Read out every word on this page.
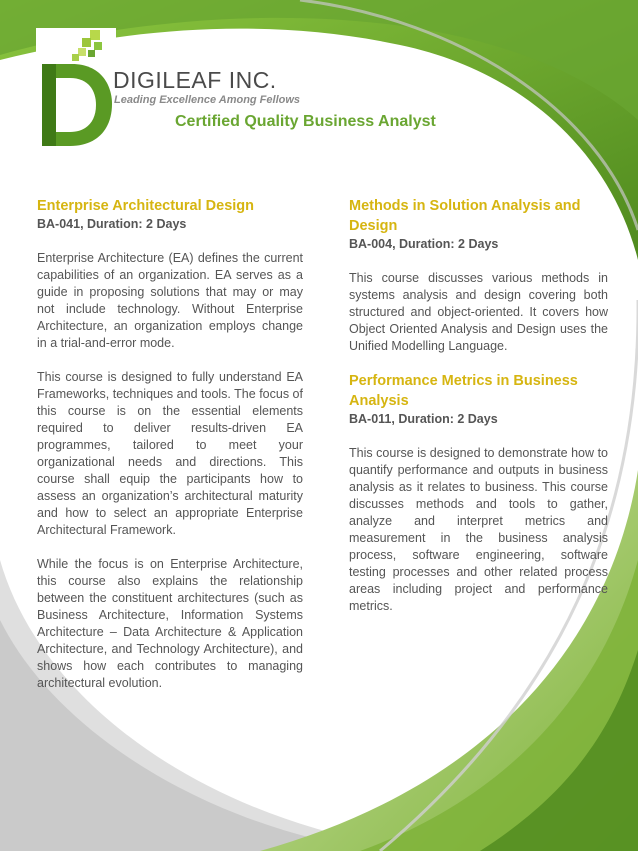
DIGILEAF INC.
Leading Excellence Among Fellows
Certified Quality Business Analyst
Enterprise Architectural Design

BA-041, Duration: 2 Days

Enterprise Architecture (EA) defines the current capabilities of an organization. EA serves as a guide in proposing solutions that may or may not include technology. Without Enterprise Architecture, an organization employs change in a trial-and-error mode.

This course is designed to fully understand EA Frameworks, techniques and tools. The focus of this course is on the essential elements required to deliver results-driven EA programmes, tailored to meet your organizational needs and directions. This course shall equip the participants how to assess an organization’s architectural maturity and how to select an appropriate Enterprise Architectural Framework.

While the focus is on Enterprise Architecture, this course also explains the relationship between the constituent architectures (such as Business Architecture, Information Systems Architecture – Data Architecture & Application Architecture, and Technology Architecture), and shows how each contributes to managing architectural evolution.

Methods in Solution Analysis and Design

BA-004, Duration: 2 Days

This course discusses various methods in systems analysis and design covering both structured and object-oriented. It covers how Object Oriented Analysis and Design uses the Unified Modelling Language.

Performance Metrics in Business Analysis

BA-011, Duration: 2 Days

This course is designed to demonstrate how to quantify performance and outputs in business analysis as it relates to business. This course discusses methods and tools to gather, analyze and interpret metrics and measurement in the business analysis process, software engineering, software testing processes and other related process areas including project and performance metrics.
